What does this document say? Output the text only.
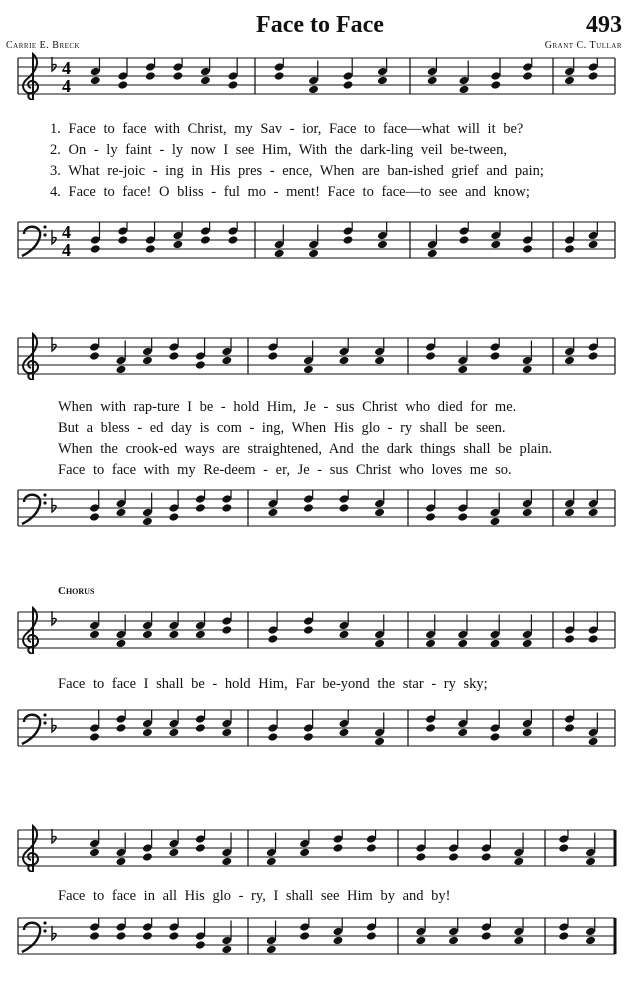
Face to Face	493
Carrie E. Breck	Grant C. Tullar
4
4
4
4
1. Face to face with Christ, my Sav - ior, Face to face—what will it be?
2. On - ly faint - ly now I see Him, With the dark-ling veil be-tween,
3. What re-joic - ing in His pres - ence, When are ban-ished grief and pain;
4. Face to face! O bliss - ful mo - ment! Face to face—to see and know;
When with rap-ture I be - hold Him, Je - sus Christ who died for me.
But a bless - ed day is com - ing, When His glo - ry shall be seen.
When the crook-ed ways are straightened, And the dark things shall be plain.
Face to face with my Re-deem - er, Je - sus Christ who loves me so.
Chorus
Face to face I shall be - hold Him, Far be-yond the star - ry sky;
Face to face in all His glo - ry, I shall see Him by and by!
